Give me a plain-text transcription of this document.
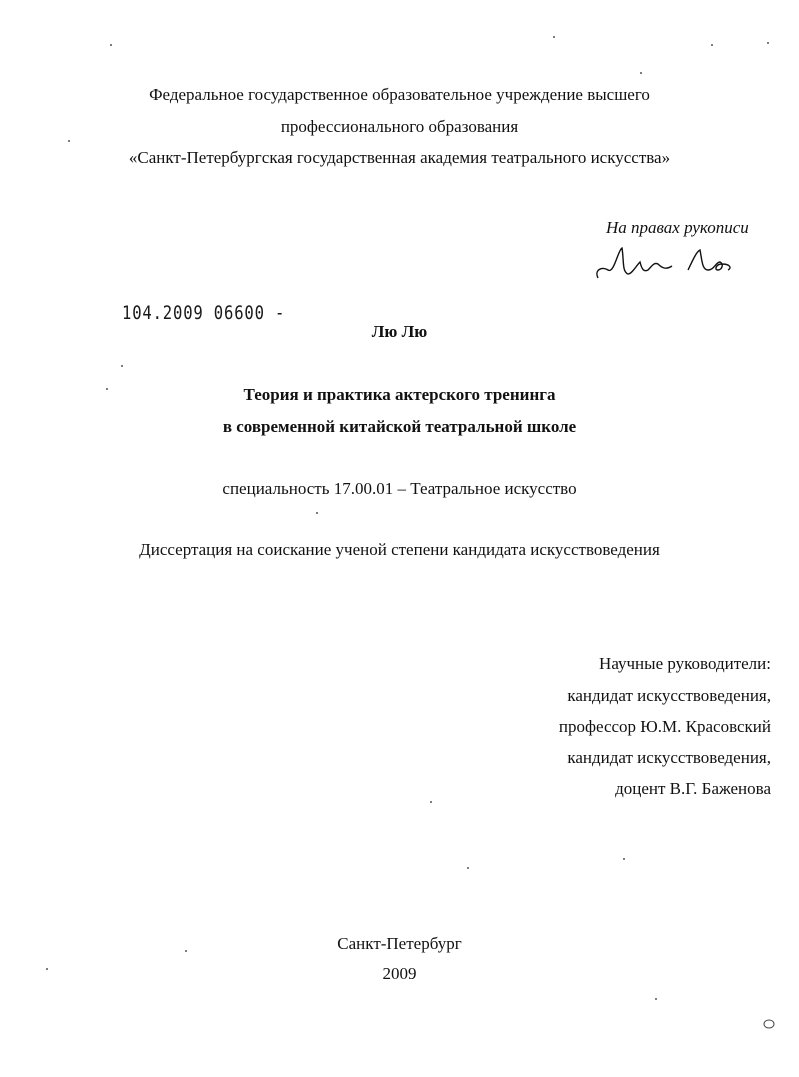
Федеральное государственное образовательное учреждение высшего
профессионального образования
«Санкт-Петербургская государственная академия театрального искусства»
На правах рукописи
104.2009 06600 -
Лю Лю
Теория и практика актерского тренинга
в современной китайской театральной школе
специальность 17.00.01 – Театральное искусство
Диссертация на соискание ученой степени кандидата искусствоведения
Научные руководители:
кандидат искусствоведения,
профессор Ю.М. Красовский
кандидат искусствоведения,
доцент В.Г. Баженова
Санкт-Петербург
2009
